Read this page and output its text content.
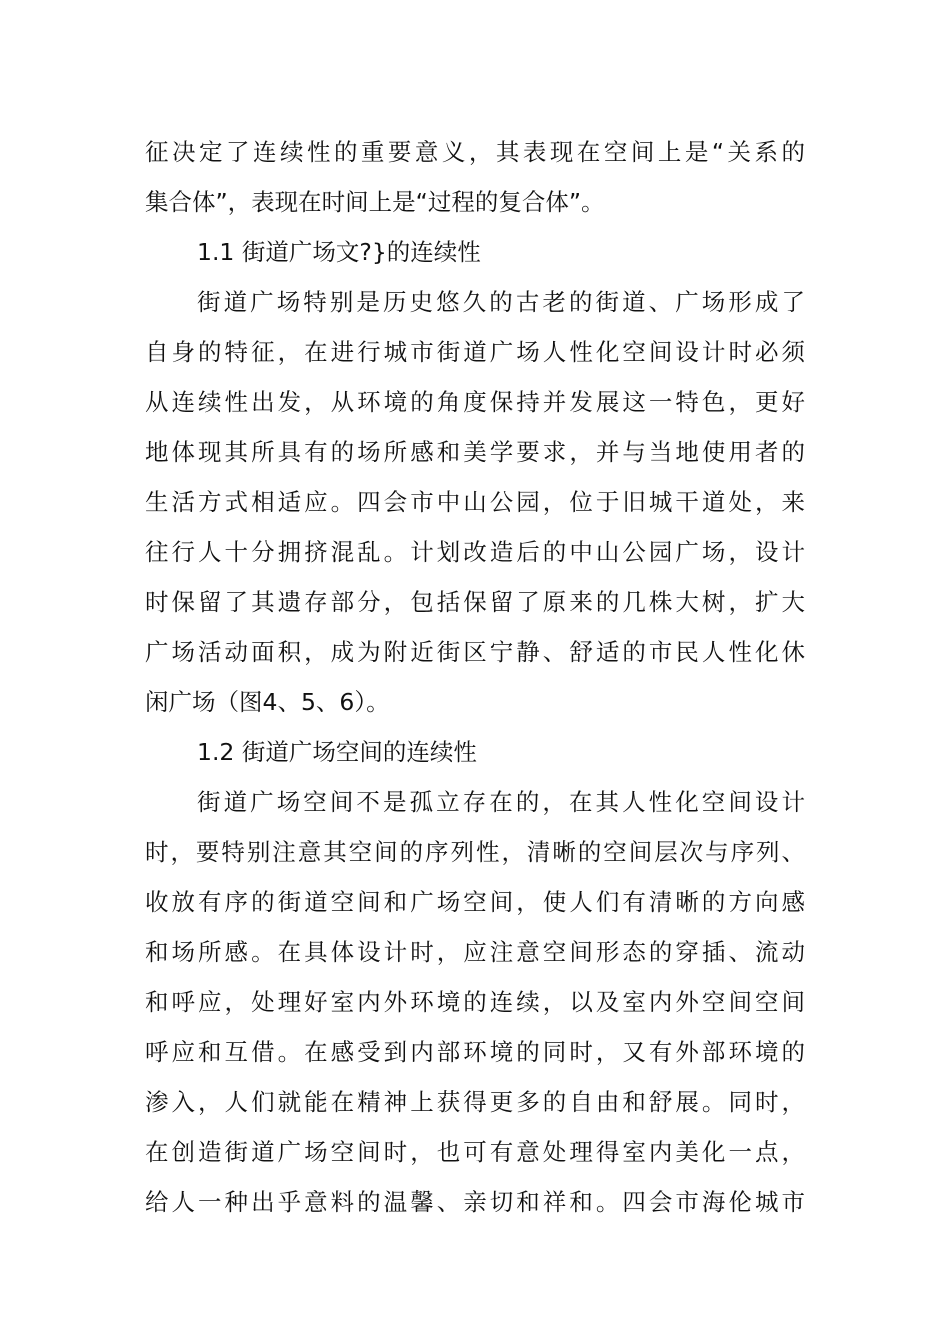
征决定了连续性的重要意义，其表现在空间上是“关系的
集合体”，表现在时间上是“过程的复合体”。
1.1 街道广场文?}的连续性
街道广场特别是历史悠久的古老的街道、广场形成了
自身的特征，在进行城市街道广场人性化空间设计时必须
从连续性出发，从环境的角度保持并发展这一特色，更好
地体现其所具有的场所感和美学要求，并与当地使用者的
生活方式相适应。四会市中山公园，位于旧城干道处，来
往行人十分拥挤混乱。计划改造后的中山公园广场，设计
时保留了其遗存部分，包括保留了原来的几株大树，扩大
广场活动面积，成为附近街区宁静、舒适的市民人性化休
闲广场（图4、5、6）。
1.2 街道广场空间的连续性
街道广场空间不是孤立存在的，在其人性化空间设计
时，要特别注意其空间的序列性，清晰的空间层次与序列、
收放有序的街道空间和广场空间，使人们有清晰的方向感
和场所感。在具体设计时，应注意空间形态的穿插、流动
和呼应，处理好室内外环境的连续，以及室内外空间空间
呼应和互借。在感受到内部环境的同时，又有外部环境的
渗入，人们就能在精神上获得更多的自由和舒展。同时，
在创造街道广场空间时，也可有意处理得室内美化一点，
给人一种出乎意料的温馨、亲切和祥和。四会市海伦城市
